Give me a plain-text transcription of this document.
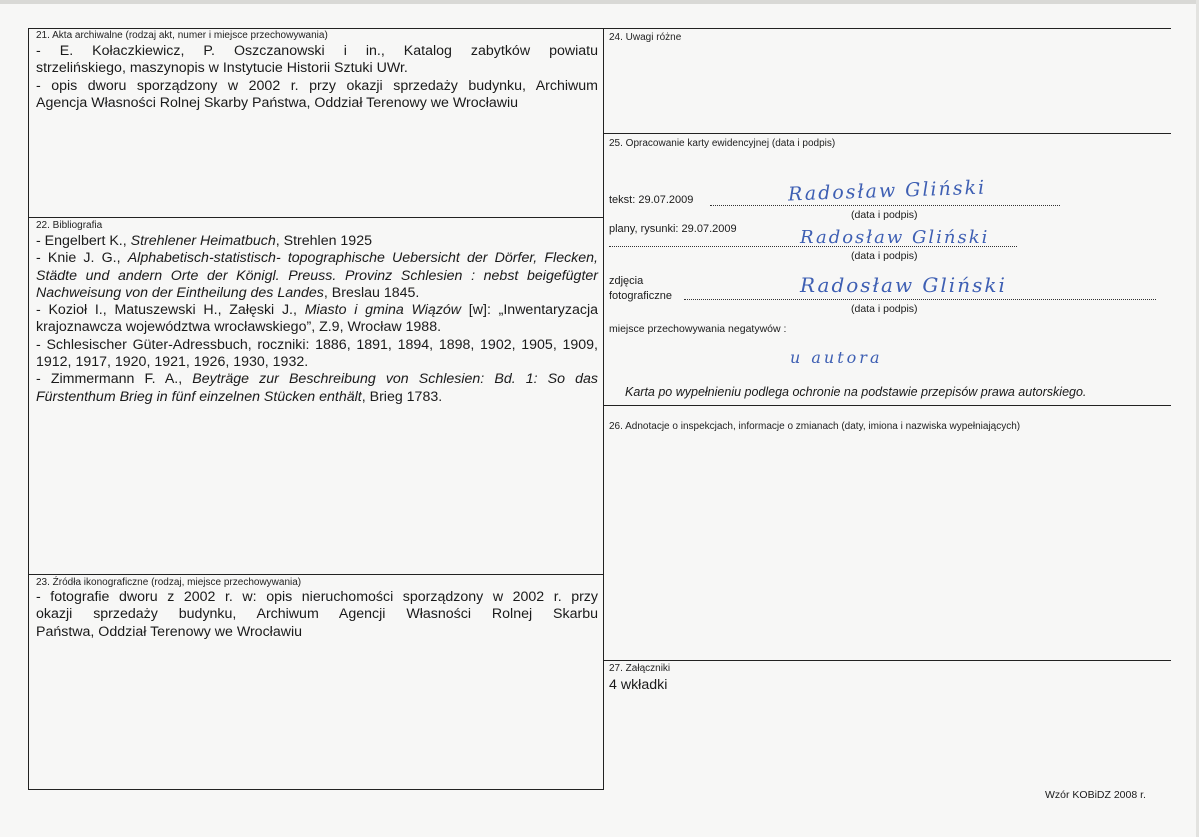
21. Akta archiwalne (rodzaj akt, numer i miejsce przechowywania)
- E. Kołaczkiewicz, P. Oszczanowski i in., Katalog zabytków powiatu
strzelińskiego, maszynopis w Instytucie Historii Sztuki UWr.
- opis dworu sporządzony w 2002 r. przy okazji sprzedaży budynku, Archiwum
Agencja Własności Rolnej Skarby Państwa, Oddział Terenowy we Wrocławiu
22. Bibliografia

- Engelbert K., Strehlener Heimatbuch, Strehlen 1925

- Knie J. G., Alphabetisch-statistisch- topographische Uebersicht der Dörfer, Flecken, Städte und andern Orte der Königl. Preuss. Provinz Schlesien : nebst beigefügter Nachweisung von der Eintheilung des Landes, Breslau 1845.

- Kozioł I., Matuszewski H., Załęski J., Miasto i gmina Wiązów [w]: „Inwentaryzacja krajoznawcza województwa wrocławskiego”, Z.9, Wrocław 1988.

- Schlesischer Güter-Adressbuch, roczniki: 1886, 1891, 1894, 1898, 1902, 1905, 1909, 1912, 1917, 1920, 1921, 1926, 1930, 1932.

- Zimmermann F. A., Beyträge zur Beschreibung von Schlesien: Bd. 1: So das Fürstenthum Brieg in fünf einzelnen Stücken enthält, Brieg 1783.

23. Źródła ikonograficzne (rodzaj, miejsce przechowywania)
- fotografie dworu z 2002 r. w: opis nieruchomości sporządzony w 2002 r. przy
okazji sprzedaży budynku, Archiwum Agencji Własności Rolnej Skarbu
Państwa, Oddział Terenowy we Wrocławiu
24. Uwagi różne
25. Opracowanie karty ewidencyjnej (data i podpis)
tekst: 29.07.2009	Radosław Gliński
(data i podpis)
plany, rysunki: 29.07.2009	Radosław Gliński
(data i podpis)
zdjęcia
fotograficzne	Radosław Gliński
(data i podpis)
miejsce przechowywania negatywów :
u autora
Karta po wypełnieniu podlega ochronie na podstawie przepisów prawa autorskiego.
26. Adnotacje o inspekcjach, informacje o zmianach (daty, imiona i nazwiska wypełniających)
27. Załączniki
4 wkładki
Wzór KOBiDZ 2008 r.
